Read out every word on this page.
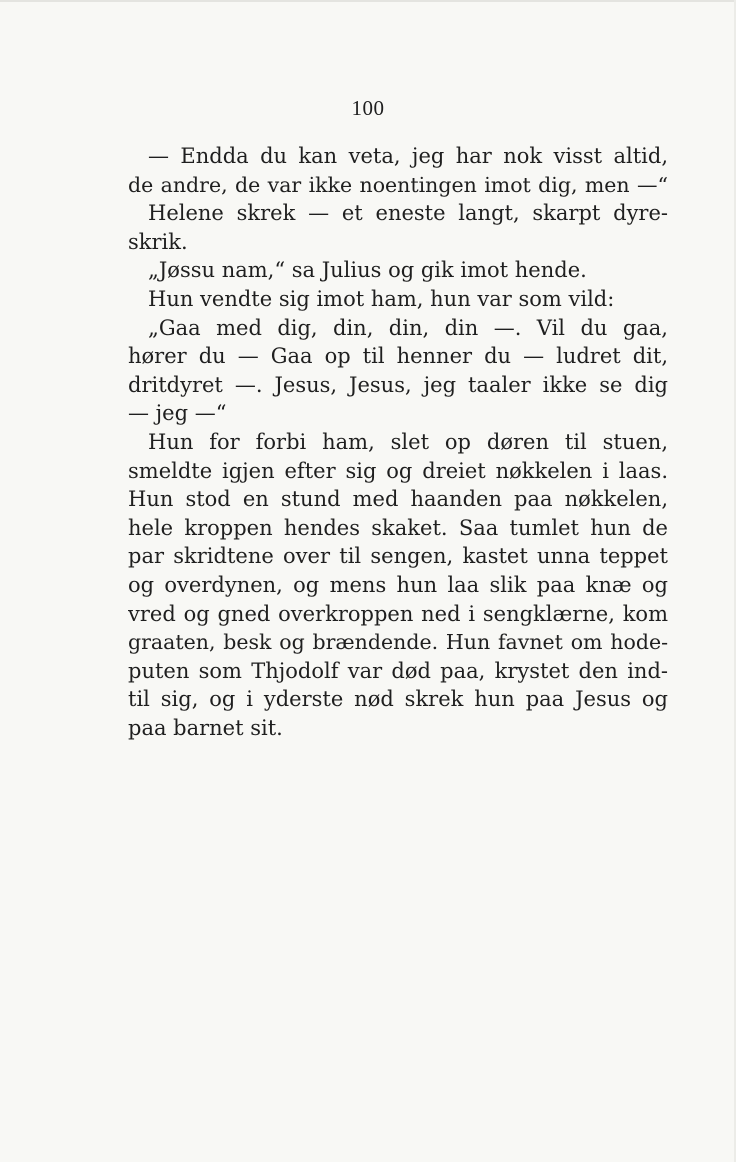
100
— Endda du kan veta, jeg har nok visst altid,
de andre, de var ikke noentingen imot dig, men —“
Helene skrek — et eneste langt, skarpt dyre-
skrik.
„Jøssu nam,“ sa Julius og gik imot hende.
Hun vendte sig imot ham, hun var som vild:
„Gaa med dig, din, din, din —. Vil du gaa,
hører du — Gaa op til henner du — ludret dit,
dritdyret —. Jesus, Jesus, jeg taaler ikke se dig
— jeg —“
Hun for forbi ham, slet op døren til stuen,
smeldte igjen efter sig og dreiet nøkkelen i laas.
Hun stod en stund med haanden paa nøkkelen,
hele kroppen hendes skaket. Saa tumlet hun de
par skridtene over til sengen, kastet unna teppet
og overdynen, og mens hun laa slik paa knæ og
vred og gned overkroppen ned i sengklærne, kom
graaten, besk og brændende. Hun favnet om hode-
puten som Thjodolf var død paa, krystet den ind-
til sig, og i yderste nød skrek hun paa Jesus og
paa barnet sit.
